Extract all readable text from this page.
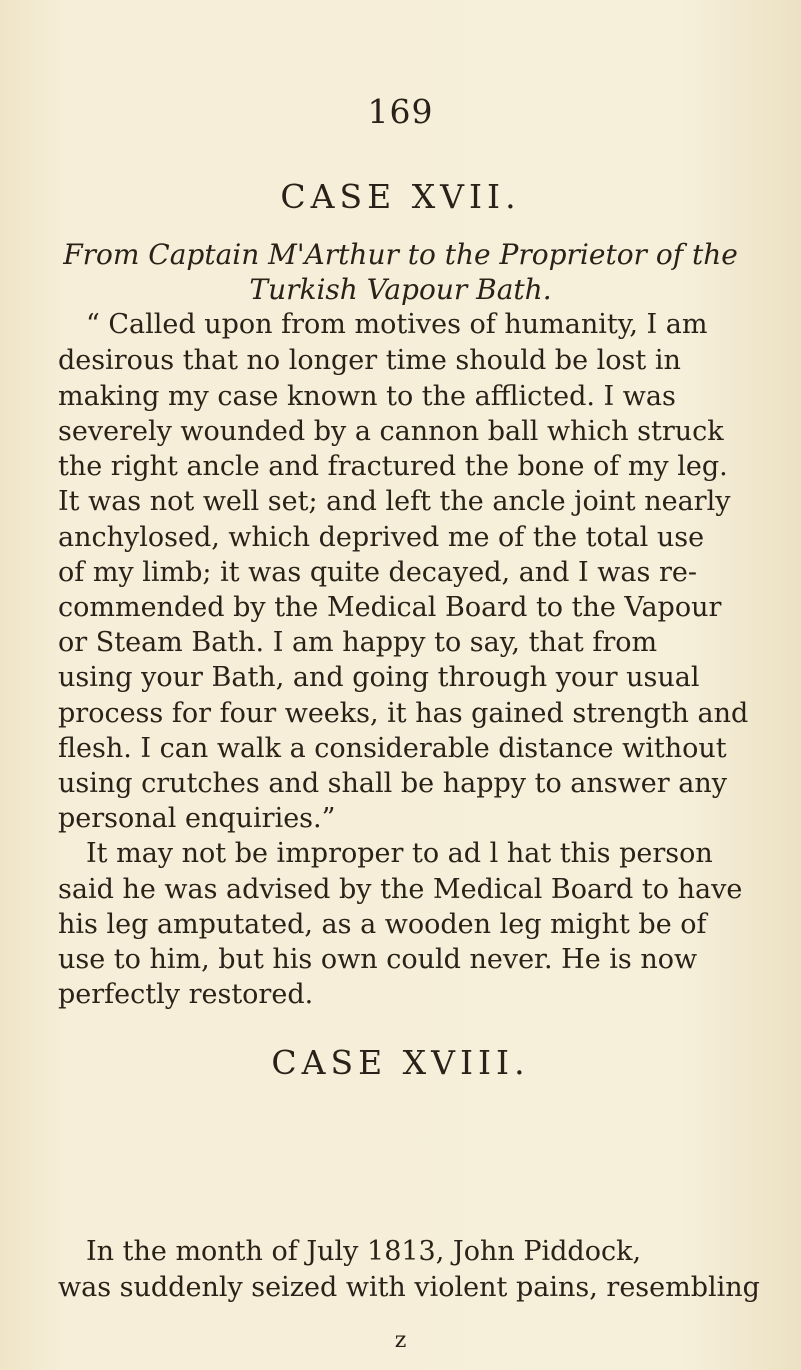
169
CASE XVII.
From Captain M'Arthur to the Proprietor of the
Turkish Vapour Bath.
“ Called upon from motives of humanity, I am
desirous that no longer time should be lost in
making my case known to the afflicted. I was
severely wounded by a cannon ball which struck
the right ancle and fractured the bone of my leg.
It was not well set; and left the ancle joint nearly
anchylosed, which deprived me of the total use
of my limb; it was quite decayed, and I was re-
commended by the Medical Board to the Vapour
or Steam Bath. I am happy to say, that from
using your Bath, and going through your usual
process for four weeks, it has gained strength and
flesh. I can walk a considerable distance without
using crutches and shall be happy to answer any
personal enquiries.”
It may not be improper to ad l hat this person
said he was advised by the Medical Board to have
his leg amputated, as a wooden leg might be of
use to him, but his own could never. He is now
perfectly restored.
CASE XVIII.
In the month of July 1813, John Piddock,
was suddenly seized with violent pains, resembling
z
